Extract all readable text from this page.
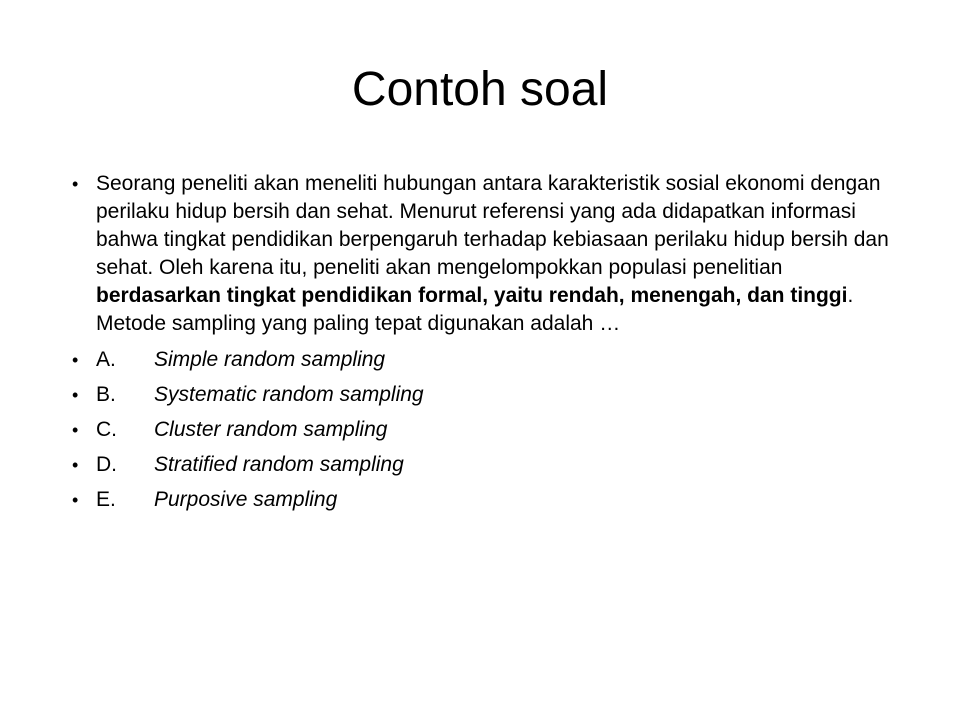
Contoh soal
• Seorang peneliti akan meneliti hubungan antara karakteristik sosial ekonomi dengan perilaku hidup bersih dan sehat. Menurut referensi yang ada didapatkan informasi bahwa tingkat pendidikan berpengaruh terhadap kebiasaan perilaku hidup bersih dan sehat. Oleh karena itu, peneliti akan mengelompokkan populasi penelitian berdasarkan tingkat pendidikan formal, yaitu rendah, menengah, dan tinggi. Metode sampling yang paling tepat digunakan adalah …
• A.	Simple random sampling
• B.	Systematic random sampling
• C.	Cluster random sampling
• D.	Stratified random sampling
• E.	Purposive sampling
